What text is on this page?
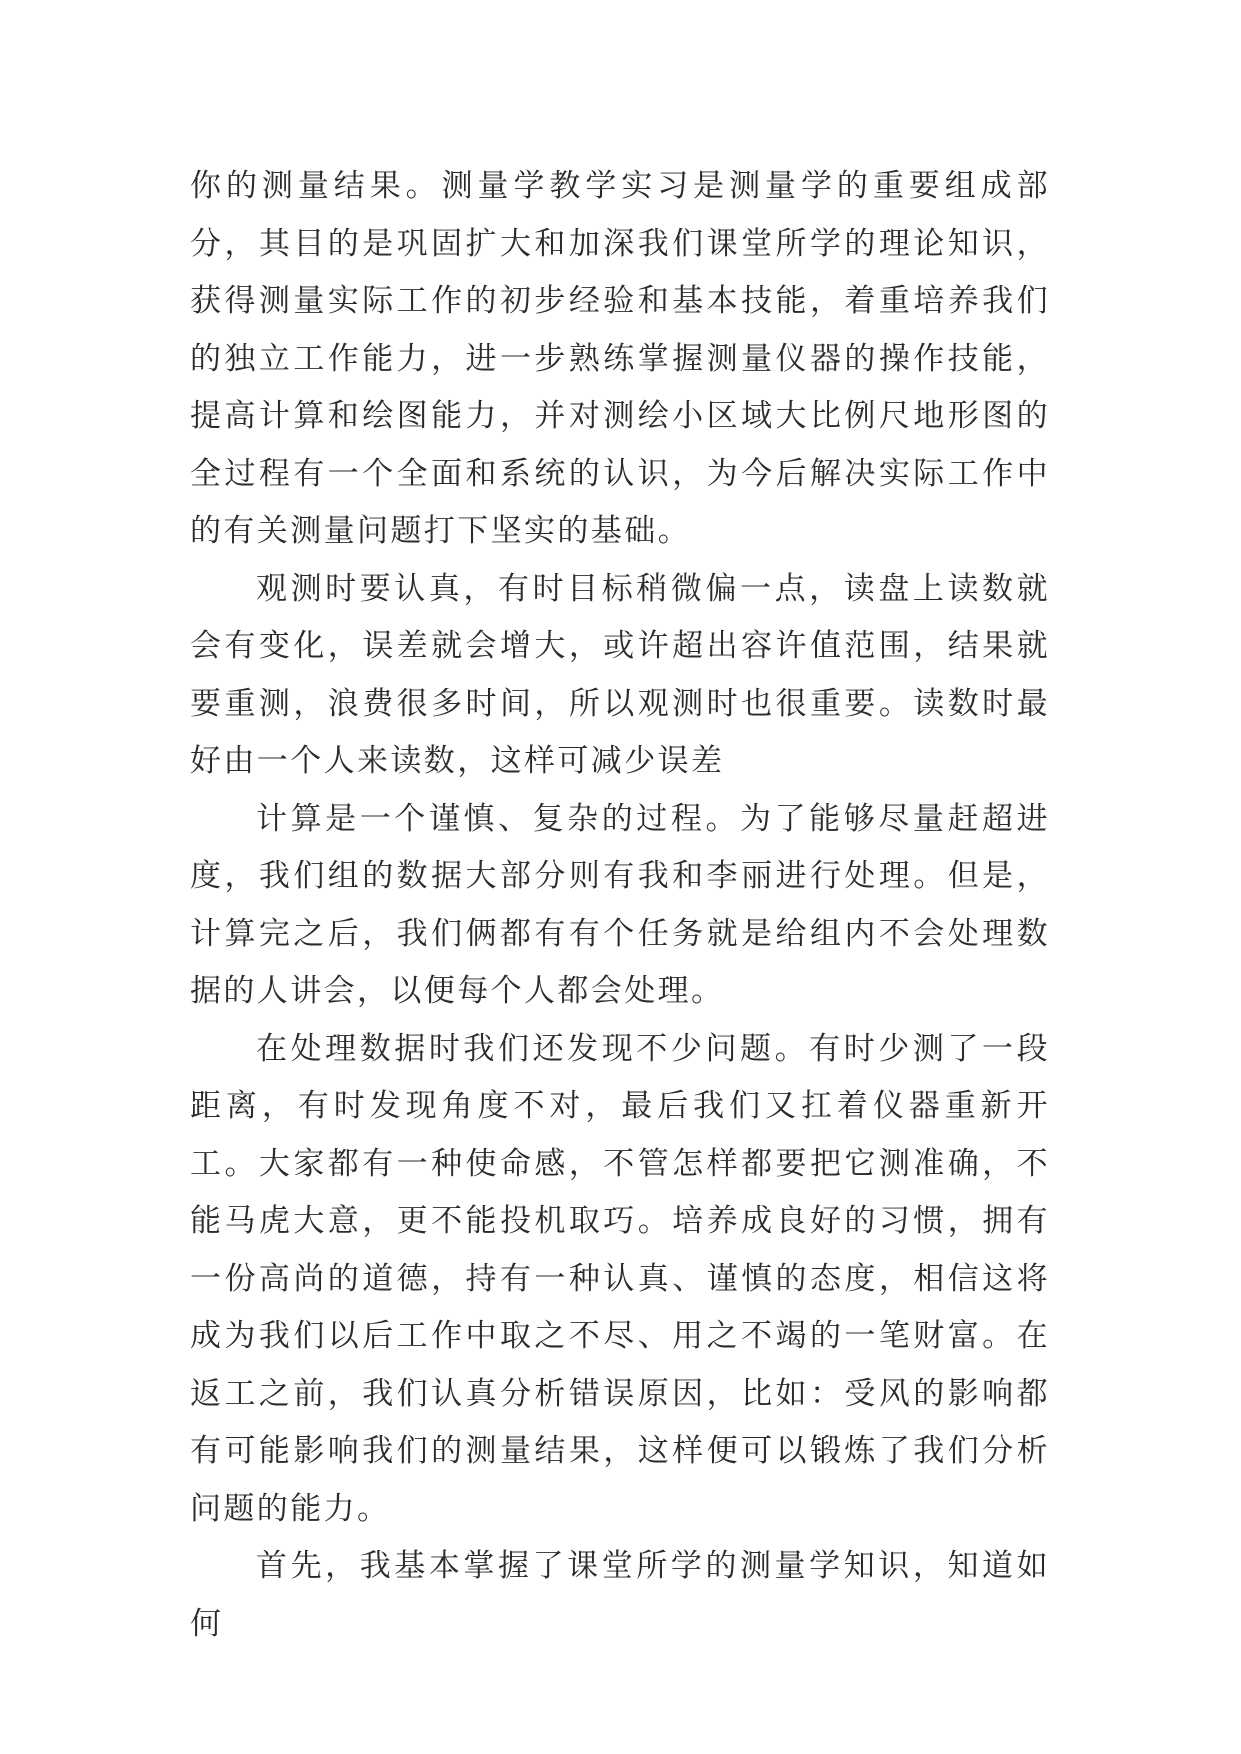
你的测量结果。测量学教学实习是测量学的重要组成部分，其目的是巩固扩大和加深我们课堂所学的理论知识，获得测量实际工作的初步经验和基本技能，着重培养我们的独立工作能力，进一步熟练掌握测量仪器的操作技能，提高计算和绘图能力，并对测绘小区域大比例尺地形图的全过程有一个全面和系统的认识，为今后解决实际工作中的有关测量问题打下坚实的基础。

观测时要认真，有时目标稍微偏一点，读盘上读数就会有变化，误差就会增大，或许超出容许值范围，结果就要重测，浪费很多时间，所以观测时也很重要。读数时最好由一个人来读数，这样可减少误差

计算是一个谨慎、复杂的过程。为了能够尽量赶超进度，我们组的数据大部分则有我和李丽进行处理。但是，计算完之后，我们俩都有有个任务就是给组内不会处理数据的人讲会，以便每个人都会处理。

在处理数据时我们还发现不少问题。有时少测了一段距离，有时发现角度不对，最后我们又扛着仪器重新开工。大家都有一种使命感，不管怎样都要把它测准确，不能马虎大意，更不能投机取巧。培养成良好的习惯，拥有一份高尚的道德，持有一种认真、谨慎的态度，相信这将成为我们以后工作中取之不尽、用之不竭的一笔财富。在返工之前，我们认真分析错误原因，比如：受风的影响都有可能影响我们的测量结果，这样便可以锻炼了我们分析问题的能力。

首先，我基本掌握了课堂所学的测量学知识，知道如何
